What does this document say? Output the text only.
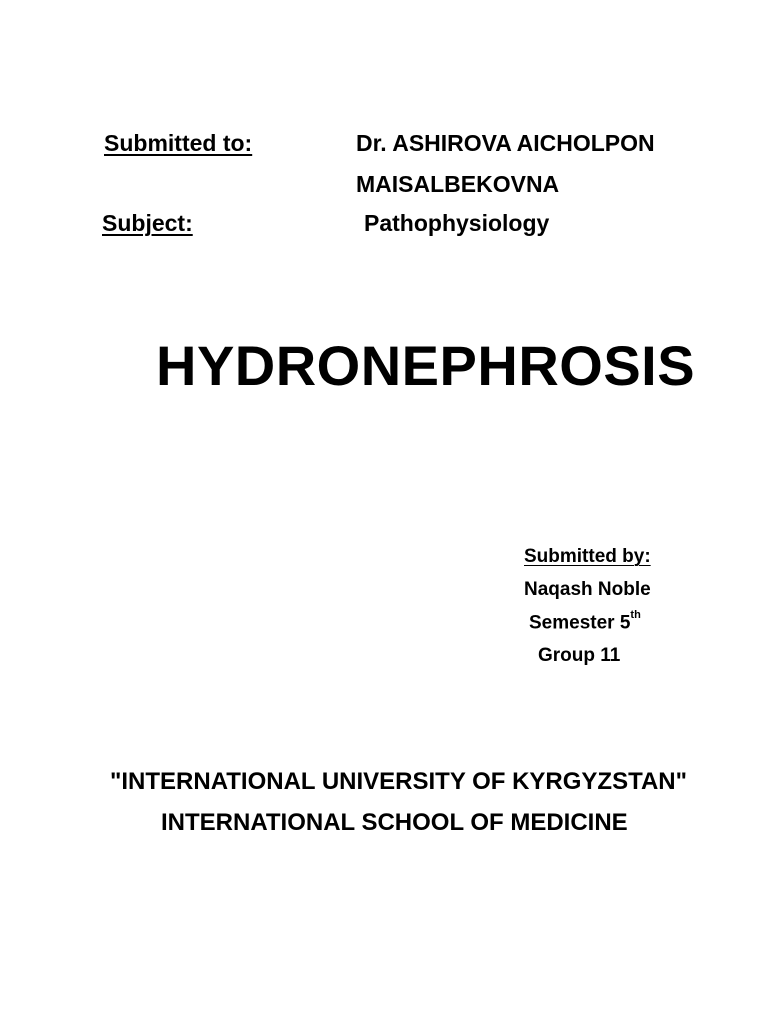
Submitted to:	Dr. ASHIROVA AICHOLPON
MAISALBEKOVNA
Subject:	Pathophysiology
HYDRONEPHROSIS
Submitted by:
Naqash Noble
Semester 5th
Group 11
"INTERNATIONAL UNIVERSITY OF KYRGYZSTAN"
INTERNATIONAL SCHOOL OF MEDICINE
